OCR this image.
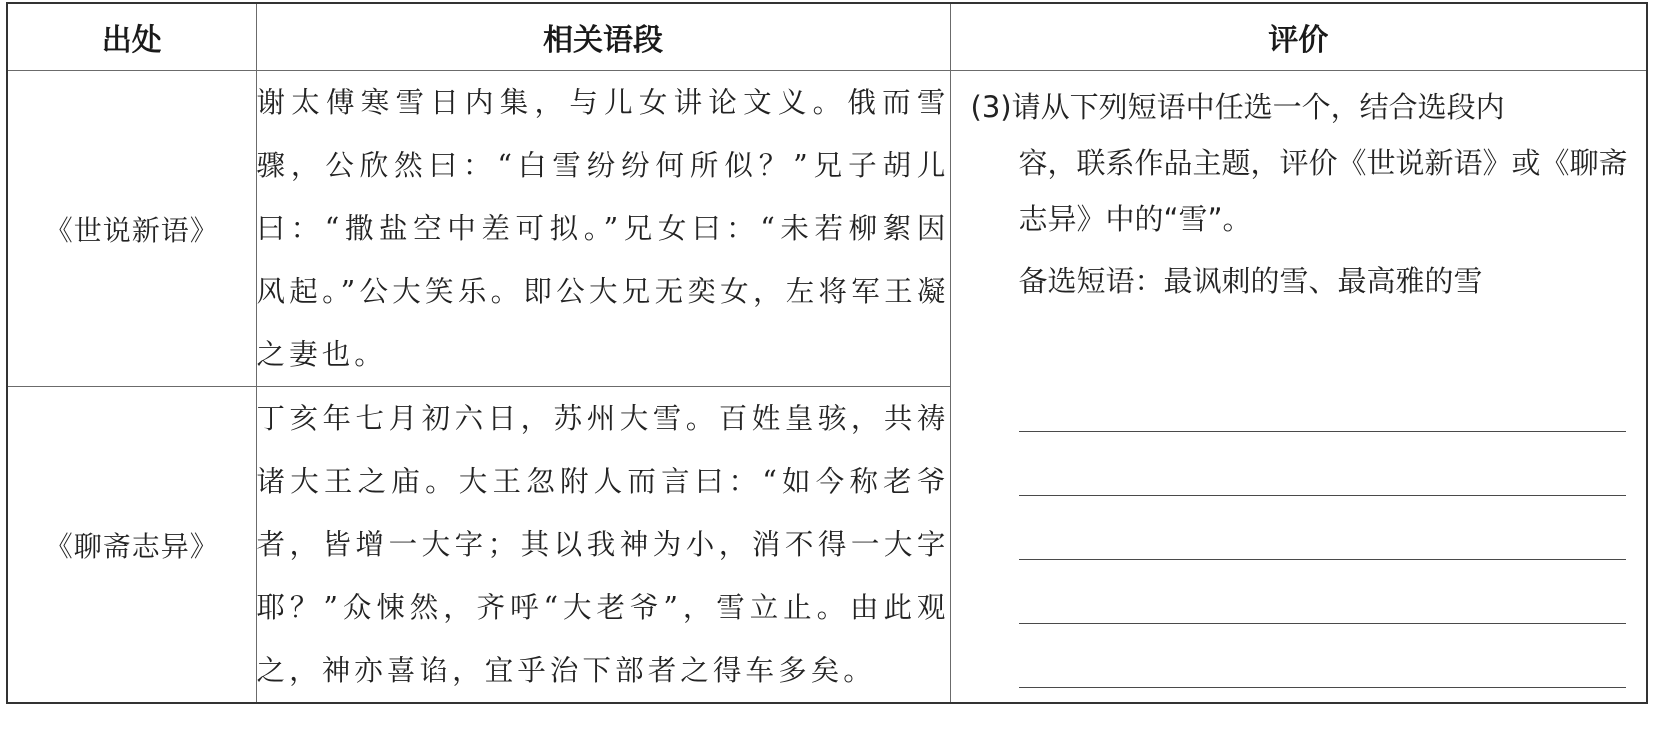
出处	相关语段	评价
《世说新语》	谢太傅寒雪日内集，与儿女讲论文义。俄而雪骤，公欣然曰：“白雪纷纷何所似？”兄子胡儿曰：“撒盐空中差可拟。”兄女曰：“未若柳絮因风起。”公大笑乐。即公大兄无奕女，左将军王凝之妻也。	(3)请从下列短语中任选一个，结合选段内
容，联系作品主题，评价《世说新语》或《聊斋志异》中的“雪”。
备选短语：最讽刺的雪、最高雅的雪

《聊斋志异》	丁亥年七月初六日，苏州大雪。百姓皇骇，共祷诸大王之庙。大王忽附人而言曰：“如今称老爷者，皆增一大字；其以我神为小，消不得一大字耶？”众悚然，齐呼“大老爷”，雪立止。由此观之，神亦喜谄，宜乎治下部者之得车多矣。	
